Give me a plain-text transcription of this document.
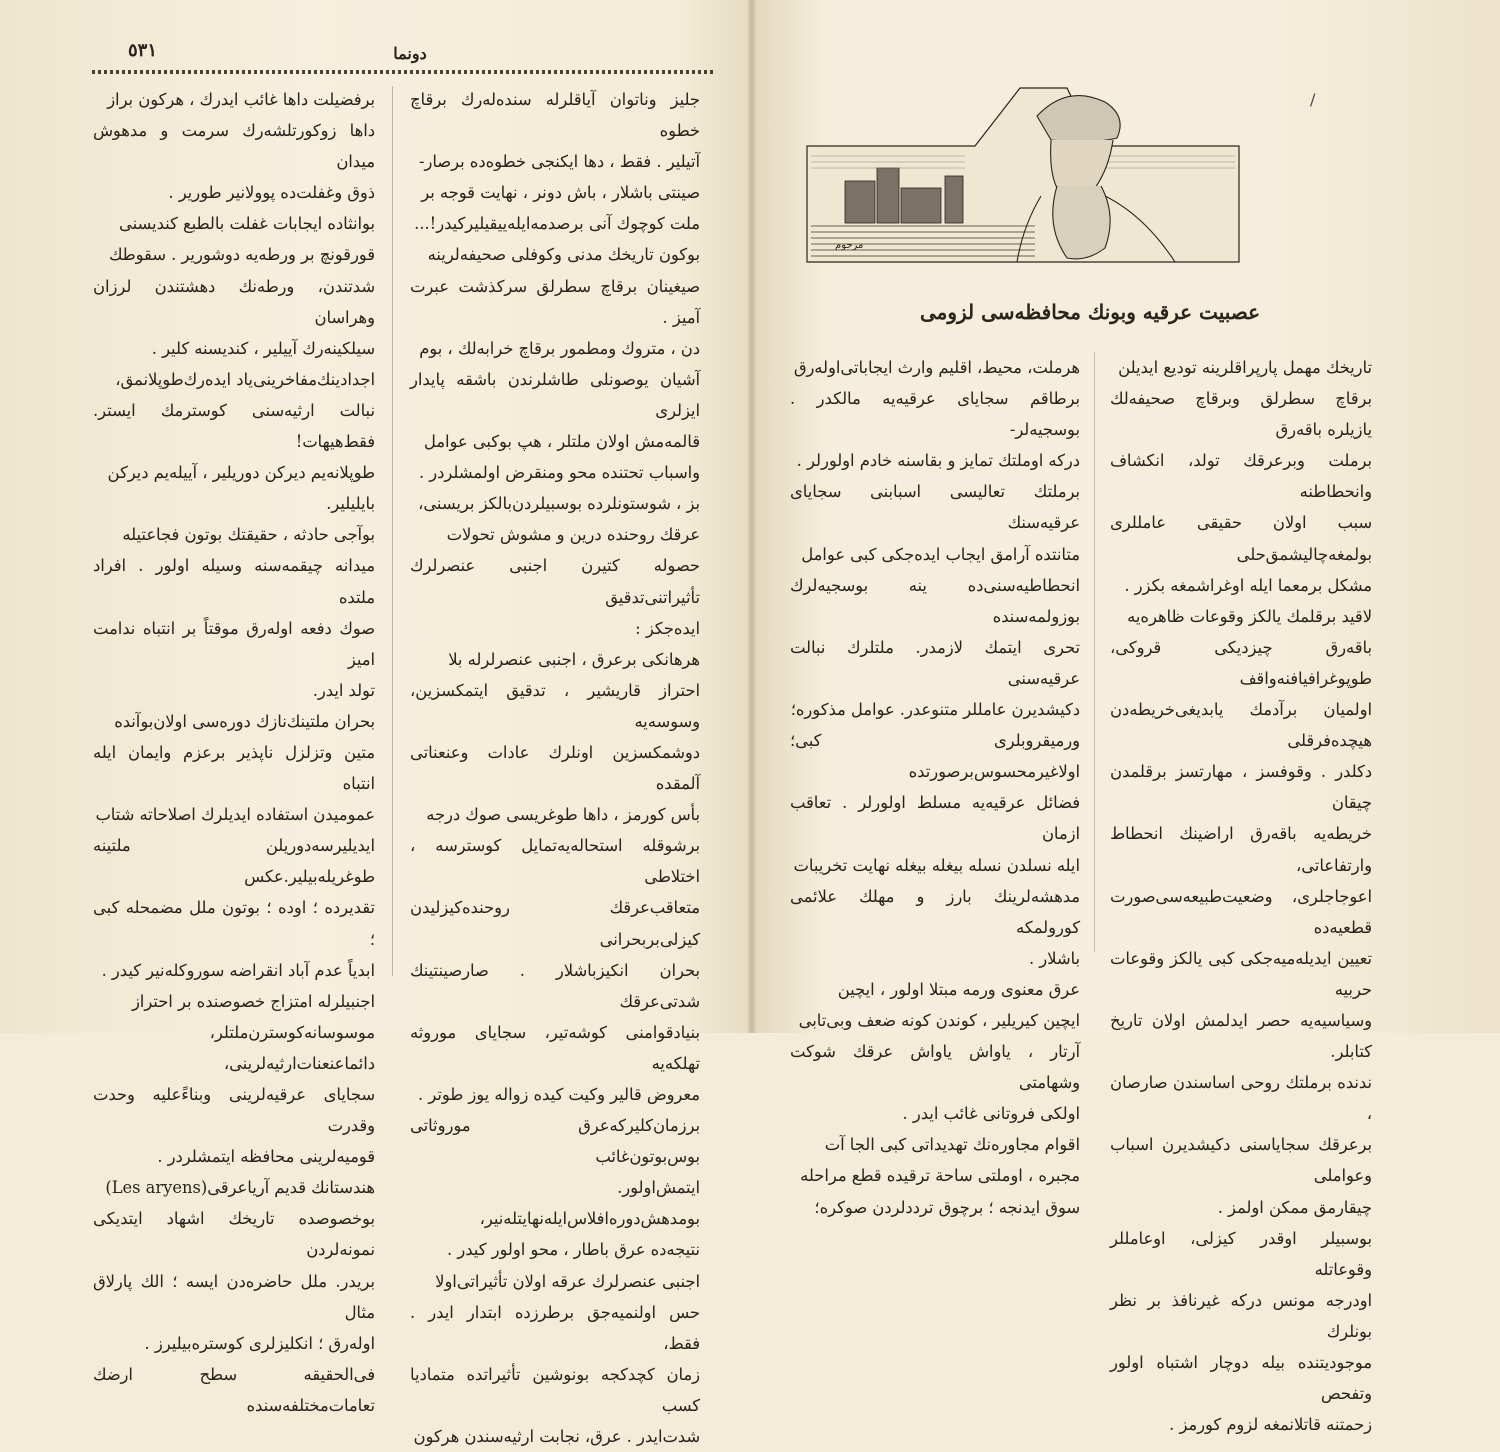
٥٣١	دونما

جليز وناتوان آياقلرله سنده‌له‌رك برقاچ خطوه

آتيلير . فقط ، دها ايكنجى خطوه‌ده برصار-

صينتى باشلار ، باش دونر ، نهايت قوجه بر

ملت كوچوك آنى برصدمه‌ايله‌ييقيليركيدر!...

بوكون تاريخك مدنى وكوفلى صحيفه‌لرينه

صيغينان برقاچ سطرلق سركذشت عبرت آميز .

دن ، متروك ومطمور برقاچ خرابه‌لك ، بوم

آشيان يوصونلى طاشلرندن باشقه پايدار ايزلرى

قالمه‌مش اولان ملتلر ، هپ بوكبى عوامل

واسباب تحتنده محو ومنقرض اولمشلردر .

بز ، شوستونلرده بوسبيلردن‌بالكز بريسنى،

عرقك روحنده درين و مشوش تحولات

حصوله كتيرن اجنبى عنصرلرك تأثيراتنى‌تدقيق

ايده‌جكز :

هرهانكى برعرق ، اجنبى عنصرلرله بلا

احتراز قاريشير ، تدقيق ايتمكسزين، وسوسه‌يه

دوشمكسزين اونلرك عادات وعنعناتى آلمقده

بأس كورمز ، داها طوغريسى صوك درجه

برشوقله استحاله‌يه‌تمايل كوسترسه ، اختلاطى

متعاقب‌عرقك روحنده‌كيزليدن كيزلى‌بر‌بحرانى

بحران انكيزباشلار . صارصينتينك شدتى‌عرقك

بنيادقوامنى كوشه‌تير، سجاياى موروثه تهلكه‌يه

معروض قالير وكيت كيده زواله يوز طوتر .

برزمان‌كلير‌كه‌عرق موروثاتى بوس‌بوتون‌غائب

ايتمش‌اولور. بومدهش‌دوره‌افلاس‌ايله‌نهايتله‌نير،

نتيجه‌ده عرق باطار ، محو اولور كيدر .

اجنبى عنصرلرك عرقه اولان تأثيراتى‌اولا

حس اولنميه‌جق برطرزده ابتدار ايدر . فقط،

زمان كچدكجه بونوشين تأثيراتده متماديا كسب

شدت‌ايدر . عرق، نجابت ارثيه‌سندن هركون

برفضيلت داها غائب ايدرك ، هركون براز

داها زوكورتلشه‌رك سرمت و مدهوش ميدان

ذوق وغفلت‌ده پوولانير طورير .

بوانثاده ايجابات غفلت بالطبع كنديسنى

قورقونچ بر ورطه‌يه دوشورير . سقوطك

شدتندن، ورطه‌نك دهشتندن لرزان وهراسان

سيلكينه‌رك آييلير ، كنديسنه كلير .

اجدادينك‌مفاخرينى‌ياد ايده‌رك‌طوپلانمق،

نبالت ارثيه‌سنى كوسترمك ايستر. فقط‌هيهات!

طوپلانه‌يم ديركن دوريلير ، آييله‌يم ديركن

بايليلير.

بوآجى حادثه ، حقيقتك بوتون فجاعتيله

ميدانه چيقمه‌سنه وسيله اولور . افراد ملتده

صوك دفعه اوله‌رق موقتاً بر انتباه ندامت اميز

تولد ايدر.

بحران ملتينك‌نازك دوره‌سى اولان‌بوآنده

متين وتزلزل ناپذير برعزم وايمان ايله انتباه

عموميدن استفاده ايديلرك اصلاحاته شتاب

ايديليرسه‌دوريلن ملتينه طوغريله‌بيلير.عكس

تقديرده ؛ اوده ؛ بوتون ملل مضمحله كبى ؛

ابدياً عدم آباد انقراضه سوروكله‌نير كيدر .

اجنبيلرله امتزاج خصوصنده بر احتراز

موسوسانه‌كوسترن‌ملتلر، دائماعنعنات‌ارثيه‌لرينى،

سجاياى عرقيه‌لرينى وبناءً‌عليه وحدت وقدرت

قوميه‌لرينى محافظه ايتمشلردر .

هندستانك قديم آرياعرقى(Les aryens)

بوخصوصده تاريخك اشهاد ايتديكى نمونه‌لردن

بريدر. ملل حاضره‌دن ايسه ؛ الك پارلاق مثال

اوله‌رق ؛ انكليزلرى كوستره‌بيليرز .

فى‌الحقيقه سطح ارضك تعامات‌مختلفه‌سنده

/
مرحوم
عصبيت عرقيه وبونك محافظه‌سى لزومى

تاريخك مهمل پارپراقلرينه توديع ايديلن

برقاچ سطرلق وبرقاچ صحيفه‌لك يازيلره باقه‌رق

برملت وبرعرقك تولد، انكشاف وانحطاطنه

سبب اولان حقيقى عامللرى بولمغه‌چاليشمق‌حلى

مشكل برمعما ايله اوغراشمغه بكزر .

لاقيد برقلمك يالكز وقوعات ظاهره‌يه

باقه‌رق چيزديكى قروكى، طوپوغرافيافنه‌واقف

اولميان برآدمك يابديغى‌خريطه‌دن هيچده‌فرقلى

دكلدر . وقوفسز ، مهارتسز برقلمدن چيقان

خريطه‌يه باقه‌رق اراضينك انحطاط وارتفاعاتى،

اعوجاجلرى، وضعيت‌طبيعه‌سى‌صورت قطعيه‌ده

تعيين ايديله‌ميه‌جكى كبى يالكز وقوعات حربيه

وسياسيه‌يه حصر ايدلمش اولان تاريخ كتابلر.

ندنده برملتك روحى اساسندن صارصان ،

برعرقك سجاياسنى دكيشديرن اسباب وعواملى

چيقارمق ممكن اولمز .

بوسبيلر اوقدر كيزلى، اوعامللر وقوعاتله

اودرجه مونس دركه غيرنافذ بر نظر بونلرك

موجوديتنده بيله دوچار اشتباه اولور وتفحص

زحمتنه قاتلانمغه لزوم كورمز .

هرملت، محيط، اقليم وارث ايجاباتى‌اوله‌رق

برطاقم سجاياى عرقيه‌يه مالكدر . بوسجيه‌لر-

دركه اوملتك تمايز و بقاسنه خادم اولورلر .

برملتك تعاليسى اسبابنى سجاياى عرقيه‌سنك

متانتده آرامق ايجاب ايده‌جكى كبى عوامل

انحطاطيه‌سنى‌ده ينه بوسجيه‌لرك بوزولمه‌سنده

تحرى ايتمك لازمدر. ملتلرك نبالت عرقيه‌سنى

دكيشديرن عامللر متنوعدر. عوامل مذكوره؛

ورميقروبلرى كبى؛ اولاغيرمحسوس‌برصورتده

فضائل عرقيه‌يه مسلط اولورلر . تعاقب ازمان

ايله نسلدن نسله بيغله بيغله نهايت تخريبات

مدهشه‌لرينك بارز و مهلك علائمى كورولمكه

باشلار .

عرق معنوى ورمه مبتلا اولور ، ايچين

ايچين كيريلير ، كوندن كونه ضعف وبى‌تابى

آرتار ، ياواش ياواش عرقك شوكت وشهامتى

اولكى فروتانى غائب ايدر .

اقوام مجاوره‌نك تهديداتى كبى الجا آت

مجبره ، اوملتى ساحة ترقيده قطع مراحله

سوق ايدنجه ؛ برچوق ترددلردن صوكره؛
